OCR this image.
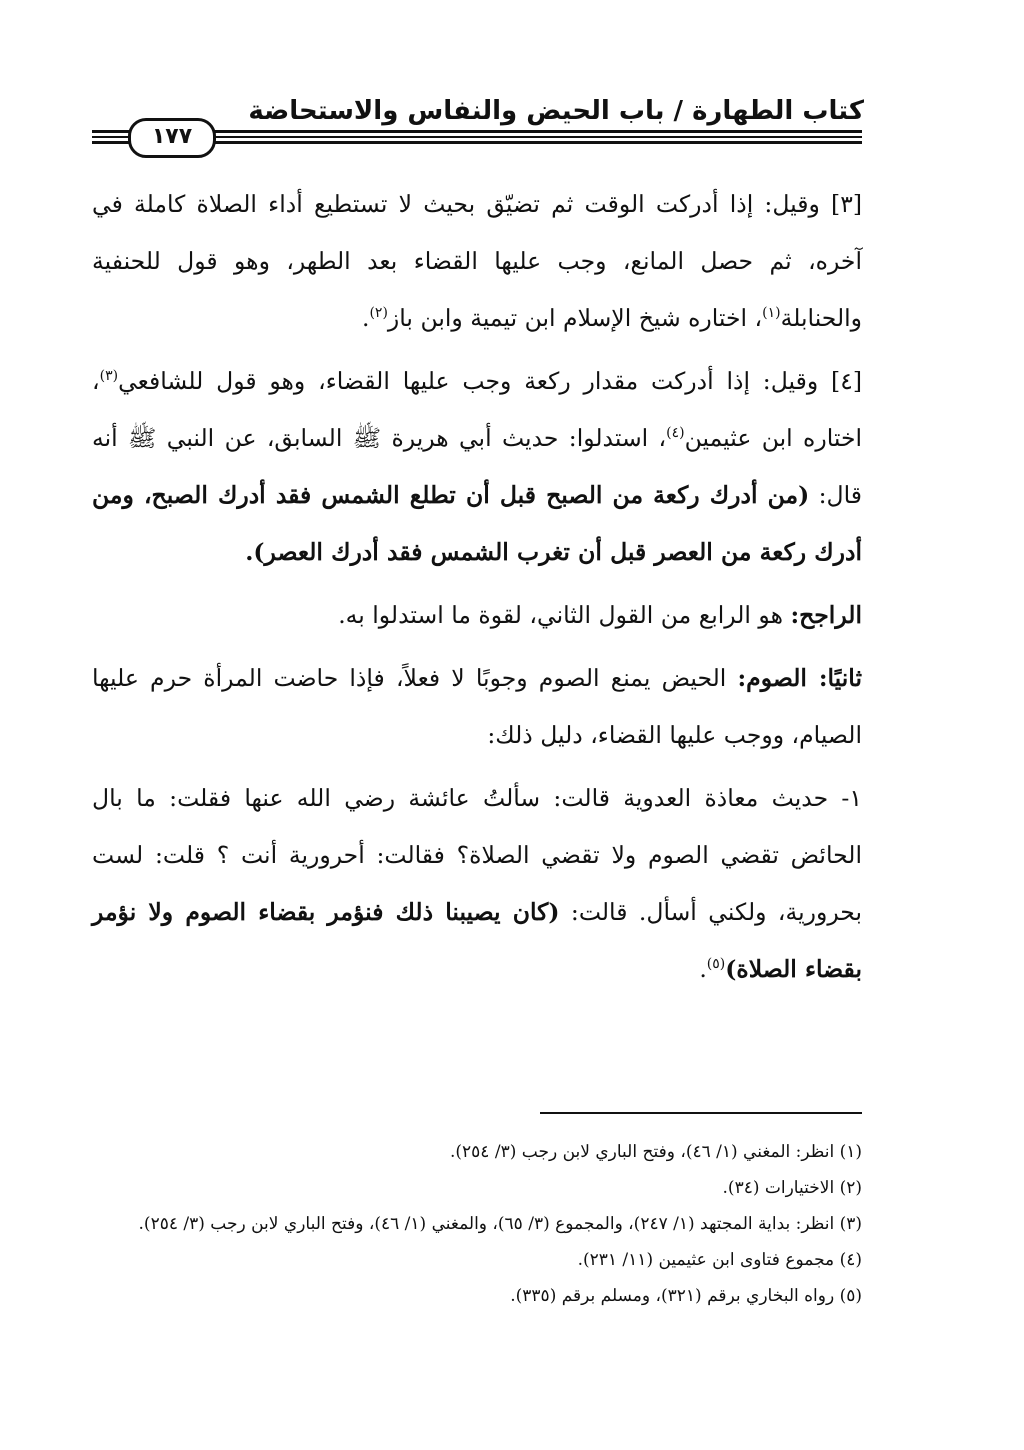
كتاب الطهارة / باب الحيض والنفاس والاستحاضة
١٧٧

[٣] وقيل: إذا أدركت الوقت ثم تضيّق بحيث لا تستطيع أداء الصلاة كاملة في آخره، ثم حصل المانع، وجب عليها القضاء بعد الطهر، وهو قول للحنفية والحنابلة$^{(١)}$، اختاره شيخ الإسلام ابن تيمية وابن باز$^{(٢)}$.

[٤] وقيل: إذا أدركت مقدار ركعة وجب عليها القضاء، وهو قول للشافعي$^{(٣)}$، اختاره ابن عثيمين$^{(٤)}$، استدلوا: حديث أبي هريرة ﷺ السابق، عن النبي ﷺ أنه قال: (من أدرك ركعة من الصبح قبل أن تطلع الشمس فقد أدرك الصبح، ومن أدرك ركعة من العصر قبل أن تغرب الشمس فقد أدرك العصر).

الراجح: هو الرابع من القول الثاني، لقوة ما استدلوا به.

ثانيًا: الصوم: الحيض يمنع الصوم وجوبًا لا فعلاً، فإذا حاضت المرأة حرم عليها الصيام، ووجب عليها القضاء، دليل ذلك:

١- حديث معاذة العدوية قالت: سألتُ عائشة رضي الله عنها فقلت: ما بال الحائض تقضي الصوم ولا تقضي الصلاة؟ فقالت: أحرورية أنت ؟ قلت: لست بحرورية، ولكني أسأل. قالت: (كان يصيبنا ذلك فنؤمر بقضاء الصوم ولا نؤمر بقضاء الصلاة)$^{(٥)}$.

(١) انظر: المغني (١/ ٤٦)، وفتح الباري لابن رجب (٣/ ٢٥٤).

(٢) الاختيارات (٣٤).

(٣) انظر: بداية المجتهد (١/ ٢٤٧)، والمجموع (٣/ ٦٥)، والمغني (١/ ٤٦)، وفتح الباري لابن رجب (٣/ ٢٥٤).

(٤) مجموع فتاوى ابن عثيمين (١١/ ٢٣١).

(٥) رواه البخاري برقم (٣٢١)، ومسلم برقم (٣٣٥).
